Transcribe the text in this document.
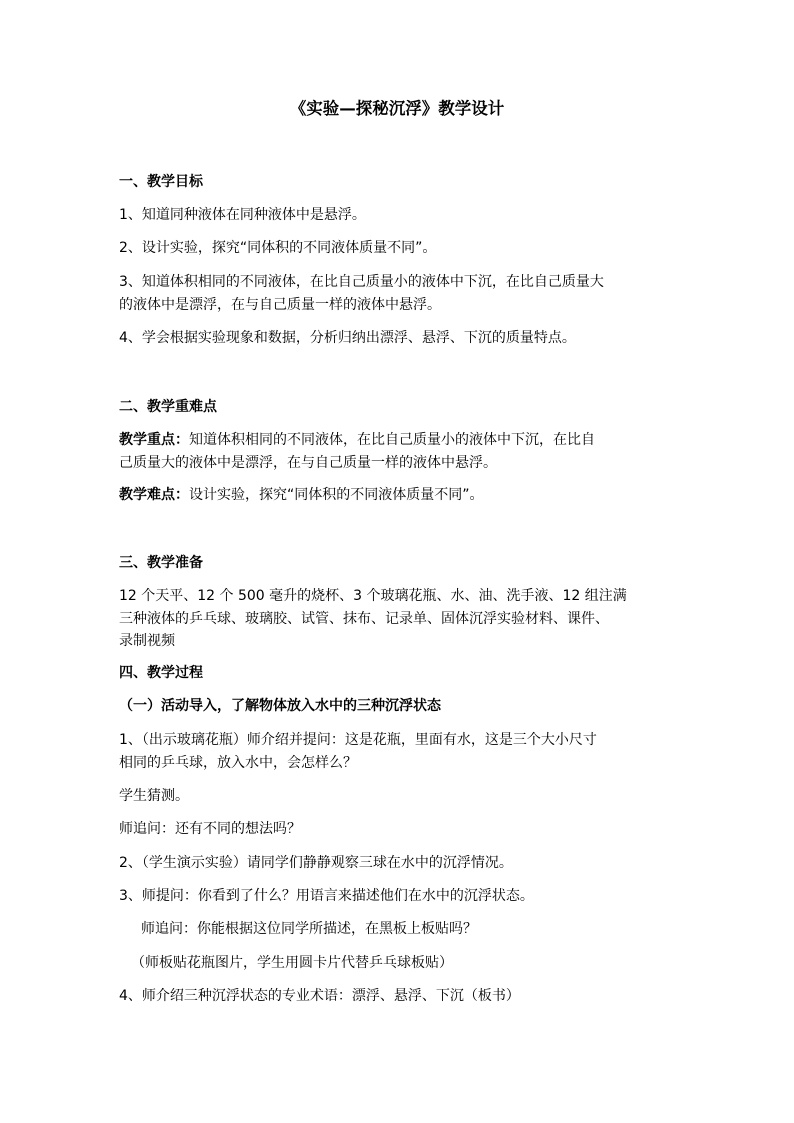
《实验—探秘沉浮》教学设计
一、教学目标
1、知道同种液体在同种液体中是悬浮。
2、设计实验，探究“同体积的不同液体质量不同”。
3、知道体积相同的不同液体，在比自己质量小的液体中下沉，在比自己质量大
的液体中是漂浮，在与自己质量一样的液体中悬浮。
4、学会根据实验现象和数据，分析归纳出漂浮、悬浮、下沉的质量特点。
二、教学重难点
教学重点：知道体积相同的不同液体，在比自己质量小的液体中下沉，在比自
己质量大的液体中是漂浮，在与自己质量一样的液体中悬浮。
教学难点：设计实验，探究“同体积的不同液体质量不同”。
三、教学准备
12 个天平、12 个 500 毫升的烧杯、3 个玻璃花瓶、水、油、洗手液、12 组注满
三种液体的乒乓球、玻璃胶、试管、抹布、记录单、固体沉浮实验材料、课件、
录制视频
四、教学过程
（一）活动导入，了解物体放入水中的三种沉浮状态
1、（出示玻璃花瓶）师介绍并提问：这是花瓶，里面有水，这是三个大小尺寸
相同的乒乓球，放入水中，会怎样么？
学生猜测。
师追问：还有不同的想法吗？
2、（学生演示实验）请同学们静静观察三球在水中的沉浮情况。
3、师提问：你看到了什么？用语言来描述他们在水中的沉浮状态。
师追问：你能根据这位同学所描述，在黑板上板贴吗？
（师板贴花瓶图片，学生用圆卡片代替乒乓球板贴）
4、师介绍三种沉浮状态的专业术语：漂浮、悬浮、下沉（板书）
